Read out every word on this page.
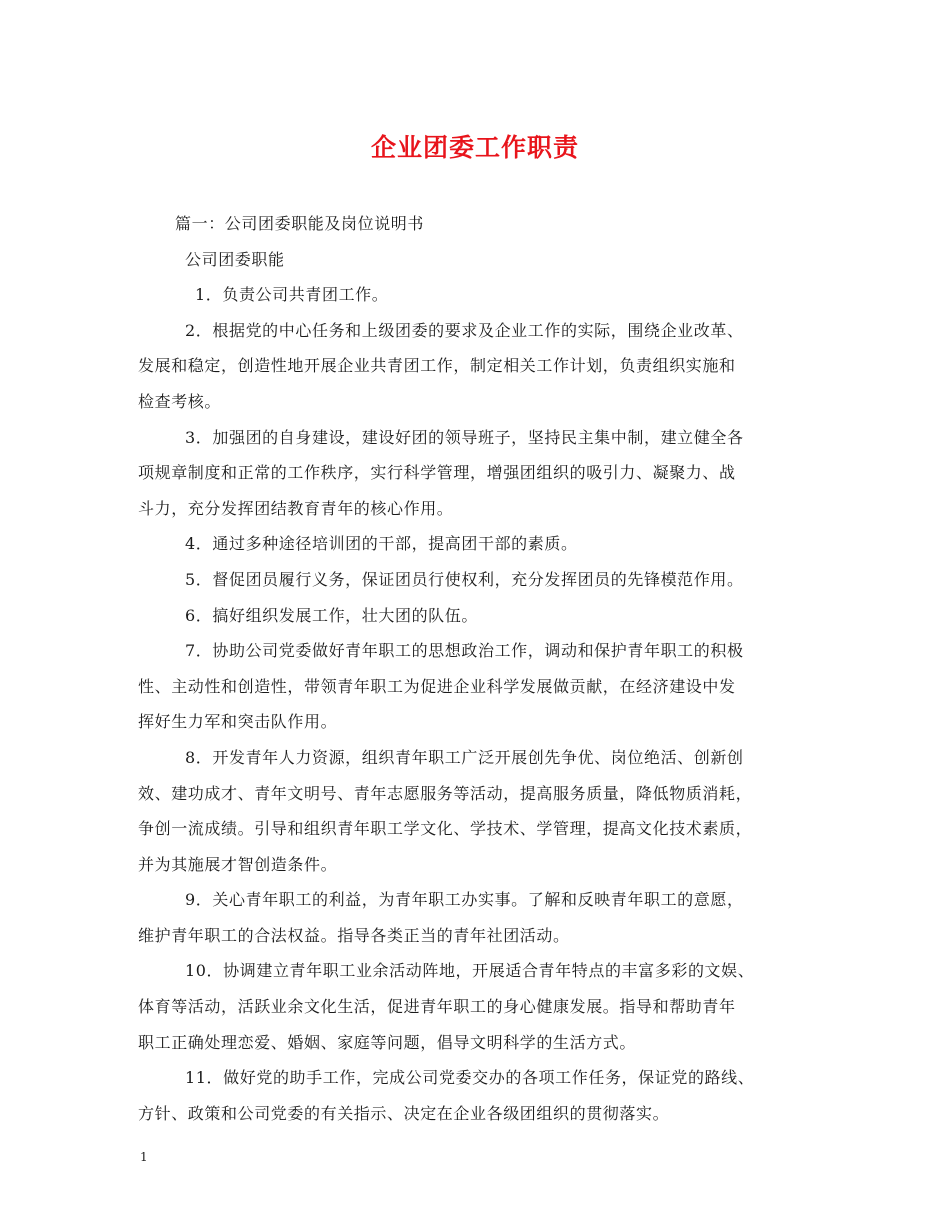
企业团委工作职责

篇一：公司团委职能及岗位说明书

公司团委职能

1．负责公司共青团工作。

2．根据党的中心任务和上级团委的要求及企业工作的实际，围绕企业改革、

发展和稳定，创造性地开展企业共青团工作，制定相关工作计划，负责组织实施和

检查考核。

3．加强团的自身建设，建设好团的领导班子，坚持民主集中制，建立健全各

项规章制度和正常的工作秩序，实行科学管理，增强团组织的吸引力、凝聚力、战

斗力，充分发挥团结教育青年的核心作用。

4．通过多种途径培训团的干部，提高团干部的素质。

5．督促团员履行义务，保证团员行使权利，充分发挥团员的先锋模范作用。

6．搞好组织发展工作，壮大团的队伍。

7．协助公司党委做好青年职工的思想政治工作，调动和保护青年职工的积极

性、主动性和创造性，带领青年职工为促进企业科学发展做贡献，在经济建设中发

挥好生力军和突击队作用。

8．开发青年人力资源，组织青年职工广泛开展创先争优、岗位绝活、创新创

效、建功成才、青年文明号、青年志愿服务等活动，提高服务质量，降低物质消耗，

争创一流成绩。引导和组织青年职工学文化、学技术、学管理，提高文化技术素质，

并为其施展才智创造条件。

9．关心青年职工的利益，为青年职工办实事。了解和反映青年职工的意愿，

维护青年职工的合法权益。指导各类正当的青年社团活动。

10．协调建立青年职工业余活动阵地，开展适合青年特点的丰富多彩的文娱、

体育等活动，活跃业余文化生活，促进青年职工的身心健康发展。指导和帮助青年

职工正确处理恋爱、婚姻、家庭等问题，倡导文明科学的生活方式。

11．做好党的助手工作，完成公司党委交办的各项工作任务，保证党的路线、

方针、政策和公司党委的有关指示、决定在企业各级团组织的贯彻落实。

1
